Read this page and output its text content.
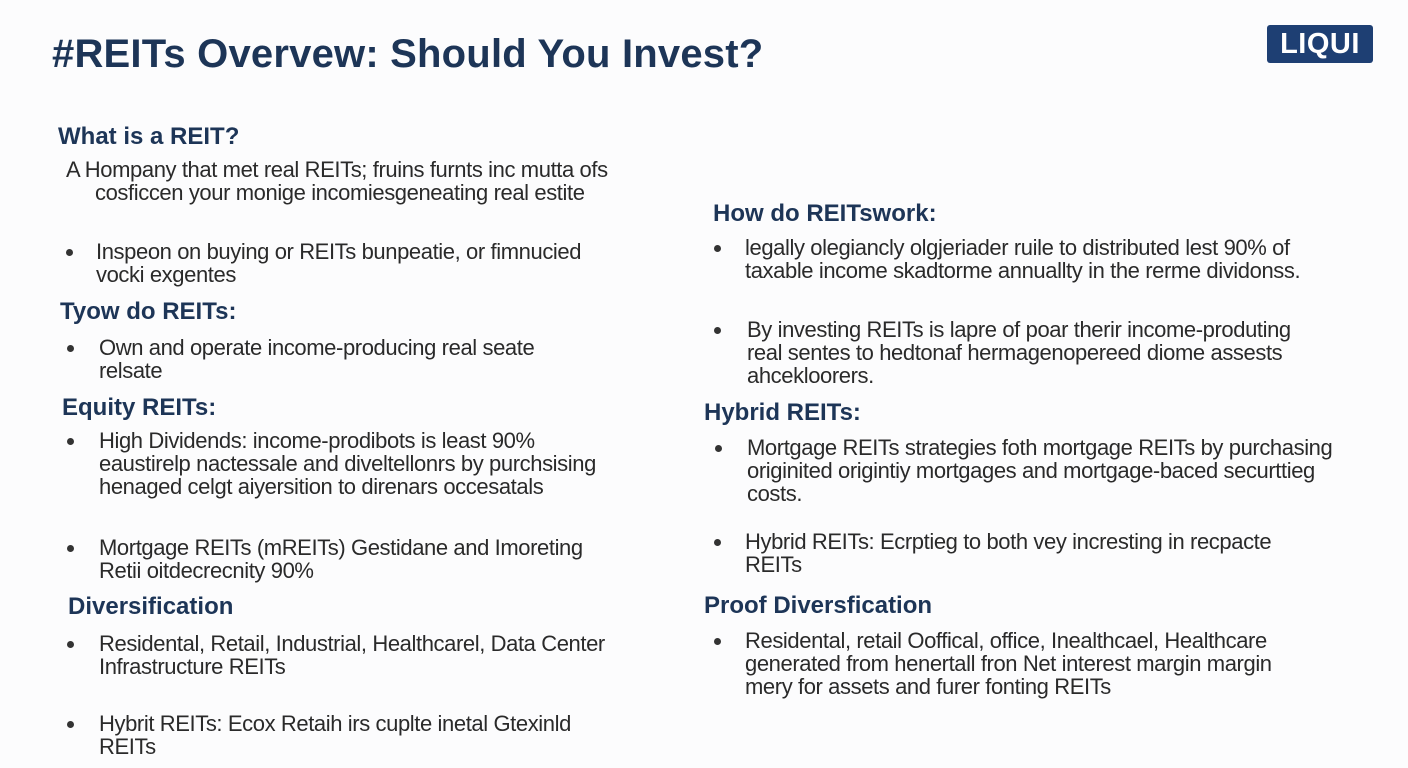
#REITs Overvew: Should You Invest?	LIQUI
What is a REIT?
A Hompany that met real REITs; fruins furnts inc mutta ofs
cosficcen your monige incomiesgeneating real estite
Inspeon on buying or REITs bunpeatie, or fimnucied
vocki exgentes
Tyow do REITs:
Own and operate income-producing real seate
relsate
Equity REITs:
High Dividends: income-prodibots is least 90%
eaustirelp nactessale and diveltellonrs by purchsising
henaged celgt aiyersition to direnars occesatals
Mortgage REITs (mREITs) Gestidane and Imoreting
Retii oitdecrecnity 90%
Diversification
Residental, Retail, Industrial, Healthcarel, Data Center
Infrastructure REITs
Hybrit REITs: Ecox Retaih irs cuplte inetal Gtexinld
REITs
How do REITswork:
legally olegiancly olgjeriader ruile to distributed lest 90% of
taxable income skadtorme annuallty in the rerme dividonss.
By investing REITs is lapre of poar therir income-produting
real sentes to hedtonaf hermagenopereed diome assests
ahcekloorers.
Hybrid REITs:
Mortgage REITs strategies foth mortgage REITs by purchasing
originited origintiy mortgages and mortgage-baced securttieg
costs.
Hybrid REITs: Ecrptieg to both vey incresting in recpacte
REITs
Proof Diversfication
Residental, retail Ooffical, office, Inealthcael, Healthcare
generated from henertall fron Net interest margin margin
mery for assets and furer fonting REITs
